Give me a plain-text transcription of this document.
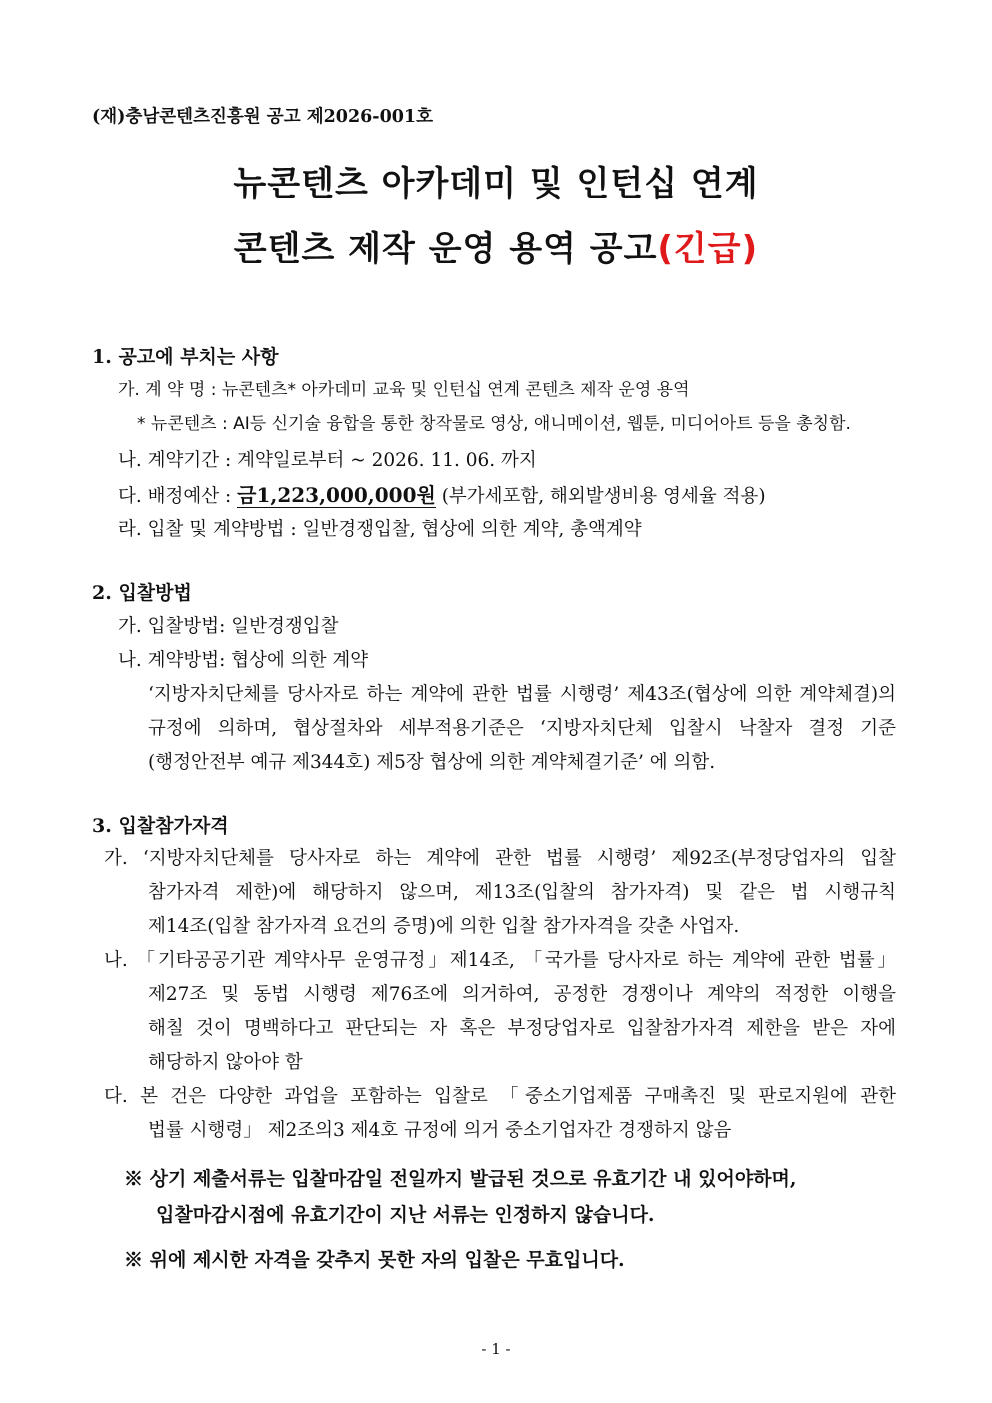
(재)충남콘텐츠진흥원 공고 제2026-001호
뉴콘텐츠 아카데미 및 인턴십 연계
콘텐츠 제작 운영 용역 공고(긴급)
1. 공고에 부치는 사항
가. 계 약 명 : 뉴콘텐츠* 아카데미 교육 및 인턴십 연계 콘텐츠 제작 운영 용역
* 뉴콘텐츠 : AI등 신기술 융합을 통한 창작물로 영상, 애니메이션, 웹툰, 미디어아트 등을 총칭함.
나. 계약기간 : 계약일로부터 ~ 2026. 11. 06. 까지
다. 배정예산 : 금1,223,000,000원 (부가세포함, 해외발생비용 영세율 적용)
라. 입찰 및 계약방법 : 일반경쟁입찰, 협상에 의한 계약, 총액계약
2. 입찰방법
가. 입찰방법: 일반경쟁입찰
나. 계약방법: 협상에 의한 계약
‘지방자치단체를 당사자로 하는 계약에 관한 법률 시행령’ 제43조(협상에 의한 계약체결)의
규정에 의하며, 협상절차와 세부적용기준은 ‘지방자치단체 입찰시 낙찰자 결정 기준
(행정안전부 예규 제344호) 제5장 협상에 의한 계약체결기준’ 에 의함.
3. 입찰참가자격
가. ‘지방자치단체를 당사자로 하는 계약에 관한 법률 시행령’ 제92조(부정당업자의 입찰
참가자격 제한)에 해당하지 않으며, 제13조(입찰의 참가자격) 및 같은 법 시행규칙
제14조(입찰 참가자격 요건의 증명)에 의한 입찰 참가자격을 갖춘 사업자.
나. 「기타공공기관 계약사무 운영규정」제14조, 「국가를 당사자로 하는 계약에 관한 법률」
제27조 및 동법 시행령 제76조에 의거하여, 공정한 경쟁이나 계약의 적정한 이행을
해칠 것이 명백하다고 판단되는 자 혹은 부정당업자로 입찰참가자격 제한을 받은 자에
해당하지 않아야 함
다. 본 건은 다양한 과업을 포함하는 입찰로 「중소기업제품 구매촉진 및 판로지원에 관한
법률 시행령」 제2조의3 제4호 규정에 의거 중소기업자간 경쟁하지 않음
※ 상기 제출서류는 입찰마감일 전일까지 발급된 것으로 유효기간 내 있어야하며,
입찰마감시점에 유효기간이 지난 서류는 인정하지 않습니다.
※ 위에 제시한 자격을 갖추지 못한 자의 입찰은 무효입니다.
- 1 -
